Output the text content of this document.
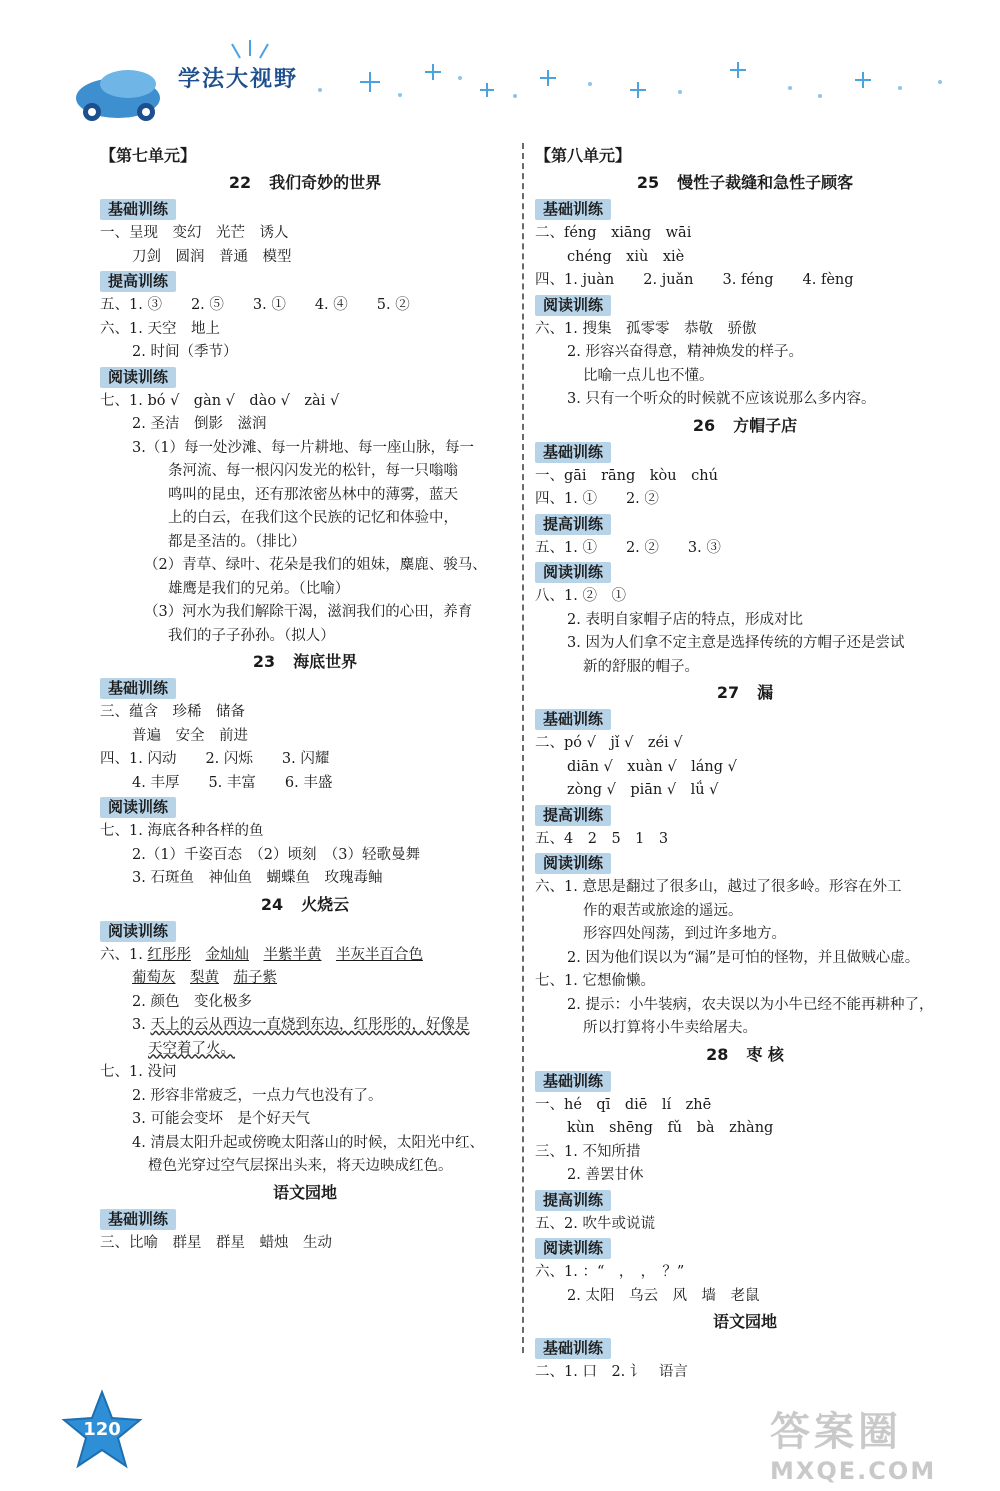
学法大视野
【第七单元】
22 我们奇妙的世界
基础训练
一、呈现　变幻　光芒　诱人
刀剑　圆润　普通　模型
提高训练
五、1. ③　　2. ⑤　　3. ①　　4. ④　　5. ②
六、1. 天空　地上
2. 时间（季节）
阅读训练
七、1. bó √　gàn √　dào √　zài √
2. 圣洁　倒影　滋润
3.（1）每一处沙滩、每一片耕地、每一座山脉，每一
条河流、每一根闪闪发光的松针，每一只嗡嗡
鸣叫的昆虫，还有那浓密丛林中的薄雾，蓝天
上的白云，在我们这个民族的记忆和体验中，
都是圣洁的。（排比）
（2）青草、绿叶、花朵是我们的姐妹，麋鹿、骏马、
雄鹰是我们的兄弟。（比喻）
（3）河水为我们解除干渴，滋润我们的心田，养育
我们的子子孙孙。（拟人）
23 海底世界
基础训练
三、蕴含　珍稀　储备
普遍　安全　前进
四、1. 闪动　　2. 闪烁　　3. 闪耀
4. 丰厚　　5. 丰富　　6. 丰盛
阅读训练
七、1. 海底各种各样的鱼
2.（1）千姿百态　（2）顷刻　（3）轻歌曼舞
3. 石斑鱼　神仙鱼　蝴蝶鱼　玫瑰毒鲉
24 火烧云
阅读训练
六、1. 红彤彤　 金灿灿　 半紫半黄　 半灰半百合色
葡萄灰　 梨黄　 茄子紫
2. 颜色　变化极多
3. 天上的云从西边一直烧到东边，红彤彤的，好像是
天空着了火。
七、1. 没问
2. 形容非常疲乏，一点力气也没有了。
3. 可能会变坏　是个好天气
4. 清晨太阳升起或傍晚太阳落山的时候，太阳光中红、
橙色光穿过空气层探出头来，将天边映成红色。
语文园地
基础训练
三、比喻　群星　群星　蜡烛　生动
【第八单元】
25 慢性子裁缝和急性子顾客
基础训练
二、féng　xiāng　wāi
chéng　xiù　xiè
四、1. juàn　　2. juǎn　　3. féng　　4. fèng
阅读训练
六、1. 搜集　孤零零　恭敬　骄傲
2. 形容兴奋得意，精神焕发的样子。
比喻一点儿也不懂。
3. 只有一个听众的时候就不应该说那么多内容。
26 方帽子店
基础训练
一、gāi　rāng　kòu　chú
四、1. ①　　2. ②
提高训练
五、1. ①　　2. ②　　3. ③
阅读训练
八、1. ②　①
2. 表明自家帽子店的特点，形成对比
3. 因为人们拿不定主意是选择传统的方帽子还是尝试
新的舒服的帽子。
27 漏
基础训练
二、pó √　jǐ √　zéi √
diān √　xuàn √　láng √
zòng √　piān √　lǘ √
提高训练
五、4　2　5　1　3
阅读训练
六、1. 意思是翻过了很多山，越过了很多岭。形容在外工
作的艰苦或旅途的遥远。
形容四处闯荡，到过许多地方。
2. 因为他们误以为“漏”是可怕的怪物，并且做贼心虚。
七、1. 它想偷懒。
2. 提示：小牛装病，农夫误以为小牛已经不能再耕种了，
所以打算将小牛卖给屠夫。
28 枣 核
基础训练
一、hé　qī　diē　lí　zhē
kùn　shēng　fǔ　bà　zhàng
三、1. 不知所措
2. 善罢甘休
提高训练
五、2. 吹牛或说谎
阅读训练
六、1. ：“　，　，　？”
2. 太阳　乌云　风　墙　老鼠
语文园地
基础训练
二、1. 口　2. 讠　语言
120	答案圈
MXQE.COM
